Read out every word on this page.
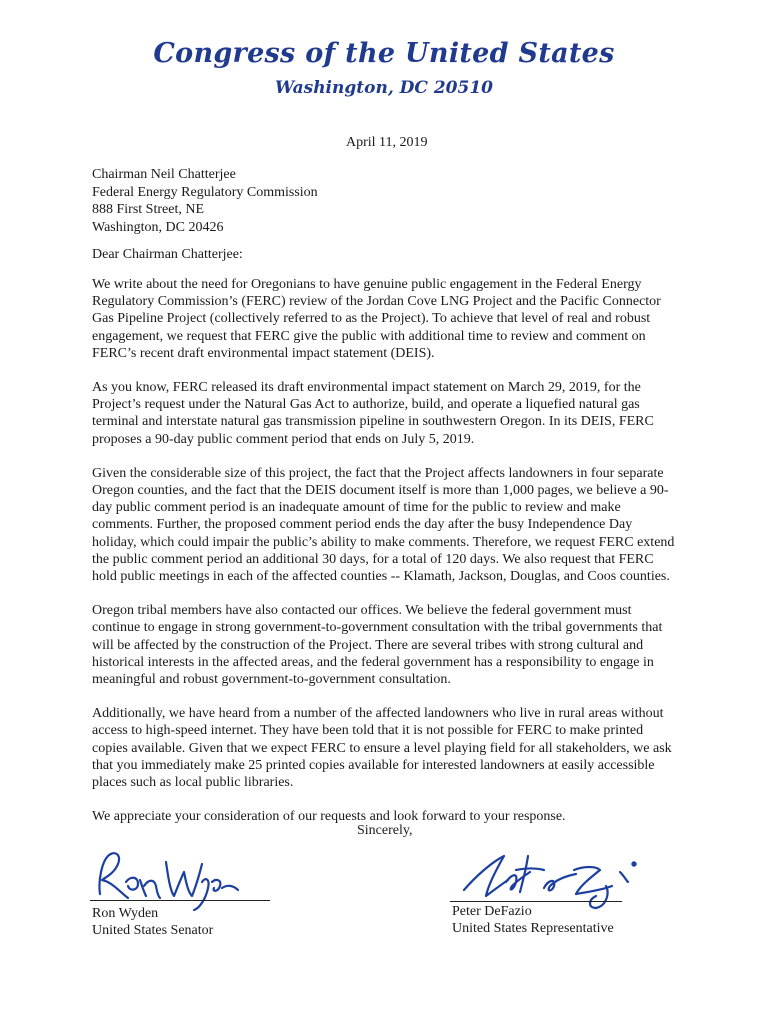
Congress of the United States
Washington, DC 20510
April 11, 2019
Chairman Neil Chatterjee
Federal Energy Regulatory Commission
888 First Street, NE
Washington, DC 20426
Dear Chairman Chatterjee:

We write about the need for Oregonians to have genuine public engagement in the Federal Energy Regulatory Commission’s (FERC) review of the Jordan Cove LNG Project and the Pacific Connector Gas Pipeline Project (collectively referred to as the Project). To achieve that level of real and robust engagement, we request that FERC give the public with additional time to review and comment on FERC’s recent draft environmental impact statement (DEIS).

As you know, FERC released its draft environmental impact statement on March 29, 2019, for the Project’s request under the Natural Gas Act to authorize, build, and operate a liquefied natural gas terminal and interstate natural gas transmission pipeline in southwestern Oregon. In its DEIS, FERC proposes a 90-day public comment period that ends on July 5, 2019.

Given the considerable size of this project, the fact that the Project affects landowners in four separate Oregon counties, and the fact that the DEIS document itself is more than 1,000 pages, we believe a 90-day public comment period is an inadequate amount of time for the public to review and make comments. Further, the proposed comment period ends the day after the busy Independence Day holiday, which could impair the public’s ability to make comments. Therefore, we request FERC extend the public comment period an additional 30 days, for a total of 120 days. We also request that FERC hold public meetings in each of the affected counties -- Klamath, Jackson, Douglas, and Coos counties.

Oregon tribal members have also contacted our offices. We believe the federal government must continue to engage in strong government-to-government consultation with the tribal governments that will be affected by the construction of the Project. There are several tribes with strong cultural and historical interests in the affected areas, and the federal government has a responsibility to engage in meaningful and robust government-to-government consultation.

Additionally, we have heard from a number of the affected landowners who live in rural areas without access to high-speed internet. They have been told that it is not possible for FERC to make printed copies available. Given that we expect FERC to ensure a level playing field for all stakeholders, we ask that you immediately make 25 printed copies available for interested landowners at easily accessible places such as local public libraries.

We appreciate your consideration of our requests and look forward to your response.

Sincerely,
Ron Wyden
United States Senator
Peter DeFazio
United States Representative
